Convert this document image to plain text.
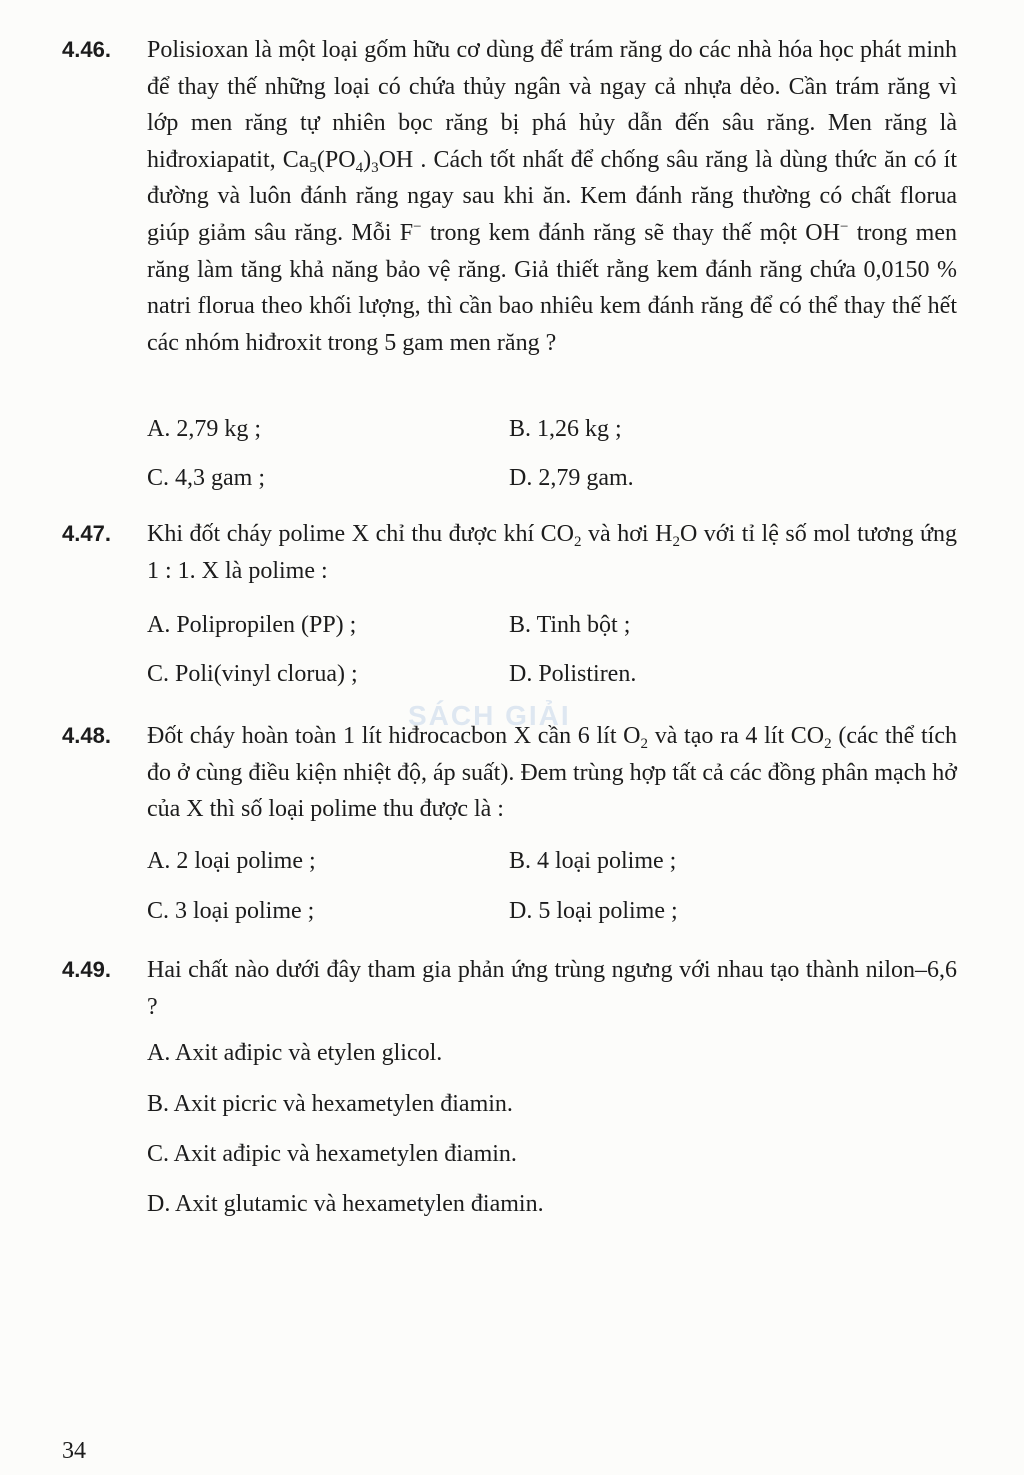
SÁCH GIẢI
4.46. Polisioxan là một loại gốm hữu cơ dùng để trám răng do các nhà hóa học phát minh để thay thế những loại có chứa thủy ngân và ngay cả nhựa dẻo. Cần trám răng vì lớp men răng tự nhiên bọc răng bị phá hủy dẫn đến sâu răng. Men răng là hiđroxiapatit, $Ca_5(PO_4)_3OH$ . Cách tốt nhất để chống sâu răng là dùng thức ăn có ít đường và luôn đánh răng ngay sau khi ăn. Kem đánh răng thường có chất florua giúp giảm sâu răng. Mỗi F− trong kem đánh răng sẽ thay thế một OH− trong men răng làm tăng khả năng bảo vệ răng. Giả thiết rằng kem đánh răng chứa 0,0150 % natri florua theo khối lượng, thì cần bao nhiêu kem đánh răng để có thể thay thế hết các nhóm hiđroxit trong 5 gam men răng ?
A. 2,79 kg ;	B. 1,26 kg ;
C. 4,3 gam ;	D. 2,79 gam.
4.47. Khi đốt cháy polime X chỉ thu được khí $CO_2$ và hơi $H_2O$ với tỉ lệ số mol tương ứng 1 : 1. X là polime :
A. Polipropilen (PP) ;	B. Tinh bột ;
C. Poli(vinyl clorua) ;	D. Polistiren.
4.48. Đốt cháy hoàn toàn 1 lít hiđrocacbon X cần 6 lít $O_2$ và tạo ra 4 lít $CO_2$ (các thể tích đo ở cùng điều kiện nhiệt độ, áp suất). Đem trùng hợp tất cả các đồng phân mạch hở của X thì số loại polime thu được là :
A. 2 loại polime ;	B. 4 loại polime ;
C. 3 loại polime ;	D. 5 loại polime ;
4.49. Hai chất nào dưới đây tham gia phản ứng trùng ngưng với nhau tạo thành nilon–6,6 ?
A. Axit ađipic và etylen glicol.
B. Axit picric và hexametylen điamin.
C. Axit ađipic và hexametylen điamin.
D. Axit glutamic và hexametylen điamin.
34
